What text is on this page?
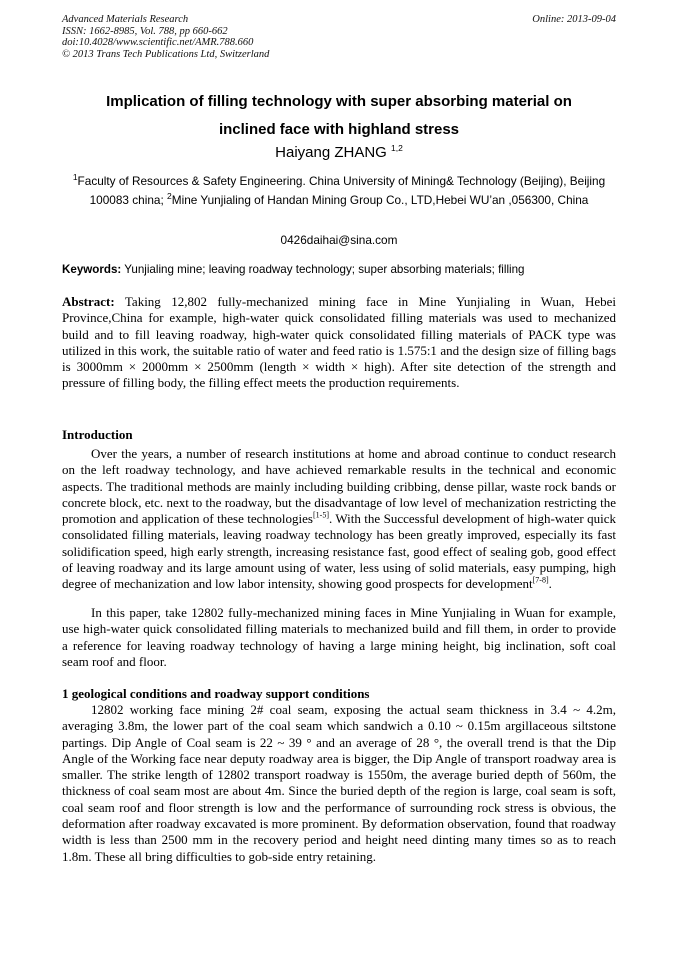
Advanced Materials Research
ISSN: 1662-8985, Vol. 788, pp 660-662
doi:10.4028/www.scientific.net/AMR.788.660
© 2013 Trans Tech Publications Ltd, Switzerland
Online: 2013-09-04
Implication of filling technology with super absorbing material on
inclined face with highland stress
Haiyang ZHANG $^{1,2}$
$^1$Faculty of Resources & Safety Engineering. China University of Mining& Technology (Beijing), Beijing 100083 china; $^2$Mine Yunjialing of Handan Mining Group Co., LTD,Hebei WU’an ,056300, China
0426daihai@sina.com
Keywords: Yunjialing mine; leaving roadway technology; super absorbing materials; filling
Abstract: Taking 12,802 fully-mechanized mining face in Mine Yunjialing in Wuan, Hebei Province,China for example, high-water quick consolidated filling materials was used to mechanized build and to fill leaving roadway, high-water quick consolidated filling materials of PACK type was utilized in this work, the suitable ratio of water and feed ratio is 1.575:1 and the design size of filling bags is 3000mm × 2000mm × 2500mm (length × width × high). After site detection of the strength and pressure of filling body, the filling effect meets the production requirements.
Introduction
Over the years, a number of research institutions at home and abroad continue to conduct research on the left roadway technology, and have achieved remarkable results in the technical and economic aspects. The traditional methods are mainly including building cribbing, dense pillar, waste rock bands or concrete block, etc. next to the roadway, but the disadvantage of low level of mechanization restricting the promotion and application of these technologies[1-5]. With the Successful development of high-water quick consolidated filling materials, leaving roadway technology has been greatly improved, especially its fast solidification speed, high early strength, increasing resistance fast, good effect of sealing gob, good effect of leaving roadway and its large amount using of water, less using of solid materials, easy pumping, high degree of mechanization and low labor intensity, showing good prospects for development[7-8].
In this paper, take 12802 fully-mechanized mining faces in Mine Yunjialing in Wuan for example, use high-water quick consolidated filling materials to mechanized build and fill them, in order to provide a reference for leaving roadway technology of having a large mining height, big inclination, soft coal seam roof and floor.
1 geological conditions and roadway support conditions
12802 working face mining 2# coal seam, exposing the actual seam thickness in 3.4 ~ 4.2m, averaging 3.8m, the lower part of the coal seam which sandwich a 0.10 ~ 0.15m argillaceous siltstone partings. Dip Angle of Coal seam is 22 ~ 39 ° and an average of 28 °, the overall trend is that the Dip Angle of the Working face near deputy roadway area is bigger, the Dip Angle of transport roadway area is smaller. The strike length of 12802 transport roadway is 1550m, the average buried depth of 560m, the thickness of coal seam most are about 4m. Since the buried depth of the region is large, coal seam is soft, coal seam roof and floor strength is low and the performance of surrounding rock stress is obvious, the deformation after roadway excavated is more prominent. By deformation observation, found that roadway width is less than 2500 mm in the recovery period and height need dinting many times so as to reach 1.8m. These all bring difficulties to gob-side entry retaining.
